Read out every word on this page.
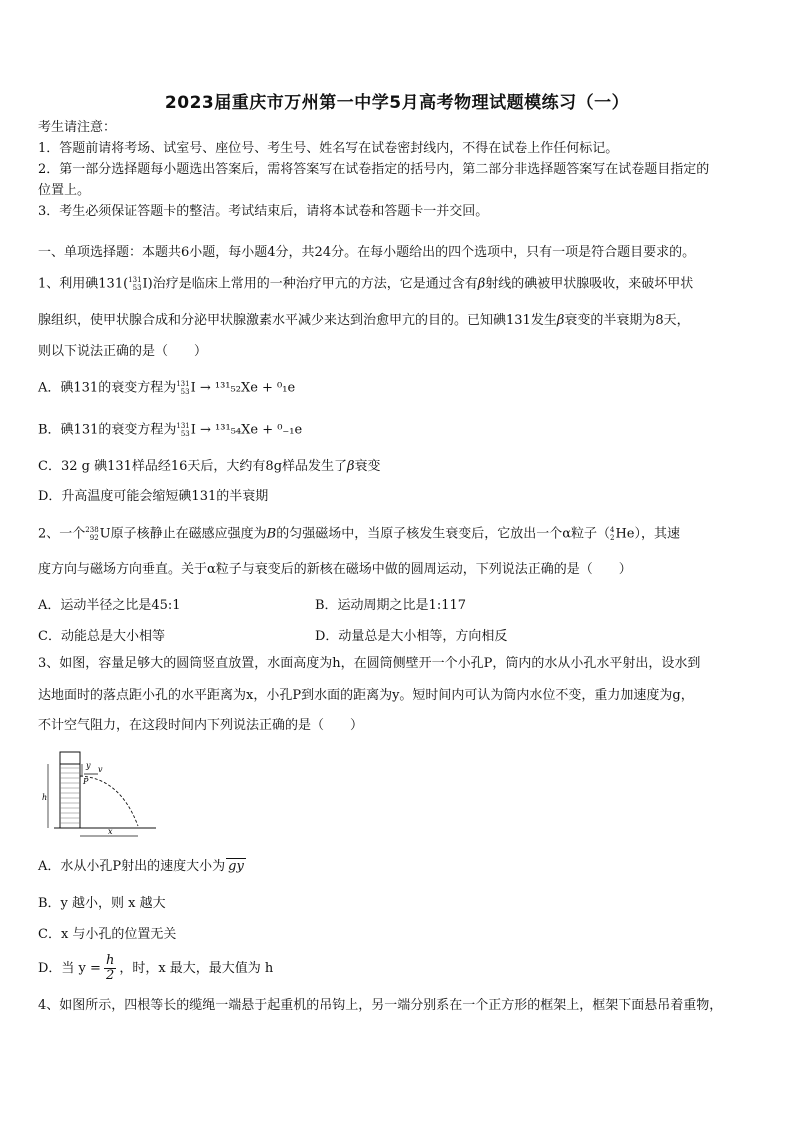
2023届重庆市万州第一中学5月高考物理试题模练习（一）
考生请注意：
1．答题前请将考场、试室号、座位号、考生号、姓名写在试卷密封线内，不得在试卷上作任何标记。
2．第一部分选择题每小题选出答案后，需将答案写在试卷指定的括号内，第二部分非选择题答案写在试卷题目指定的
位置上。
3．考生必须保证答题卡的整洁。考试结束后，请将本试卷和答题卡一并交回。
一、单项选择题：本题共6小题，每小题4分，共24分。在每小题给出的四个选项中，只有一项是符合题目要求的。
1、利用碘131(131
53I)治疗是临床上常用的一种治疗甲亢的方法，它是通过含有β射线的碘被甲状腺吸收，来破坏甲状
腺组织，使甲状腺合成和分泌甲状腺激素水平减少来达到治愈甲亢的目的。已知碘131发生β衰变的半衰期为8天，
则以下说法正确的是（　　）
A．碘131的衰变方程为131
53I → ¹³¹₅₂Xe + ⁰₁e
B．碘131的衰变方程为131
53I → ¹³¹₅₄Xe + ⁰₋₁e
C．32 g 碘131样品经16天后，大约有8g样品发生了β衰变
D．升高温度可能会缩短碘131的半衰期
2、一个238
92U原子核静止在磁感应强度为B的匀强磁场中，当原子核发生衰变后，它放出一个α粒子（4
2He），其速
度方向与磁场方向垂直。关于α粒子与衰变后的新核在磁场中做的圆周运动，下列说法正确的是（　　）
A．运动半径之比是45:1	B．运动周期之比是1:117
C．动能总是大小相等	D．动量总是大小相等，方向相反
3、如图，容量足够大的圆筒竖直放置，水面高度为h，在圆筒侧壁开一个小孔P，筒内的水从小孔水平射出，设水到
达地面时的落点距小孔的水平距离为x，小孔P到水面的距离为y。短时间内可认为筒内水位不变，重力加速度为g，
不计空气阻力，在这段时间内下列说法正确的是（　　）
y v
P
h
x
A．水从小孔P射出的速度大小为 gy
B．y 越小，则 x 越大
C．x 与小孔的位置无关
D．当 $y = \frac{h}{2}$ ，时，x 最大，最大值为 h
4、如图所示，四根等长的缆绳一端悬于起重机的吊钩上，另一端分别系在一个正方形的框架上，框架下面悬吊着重物，
